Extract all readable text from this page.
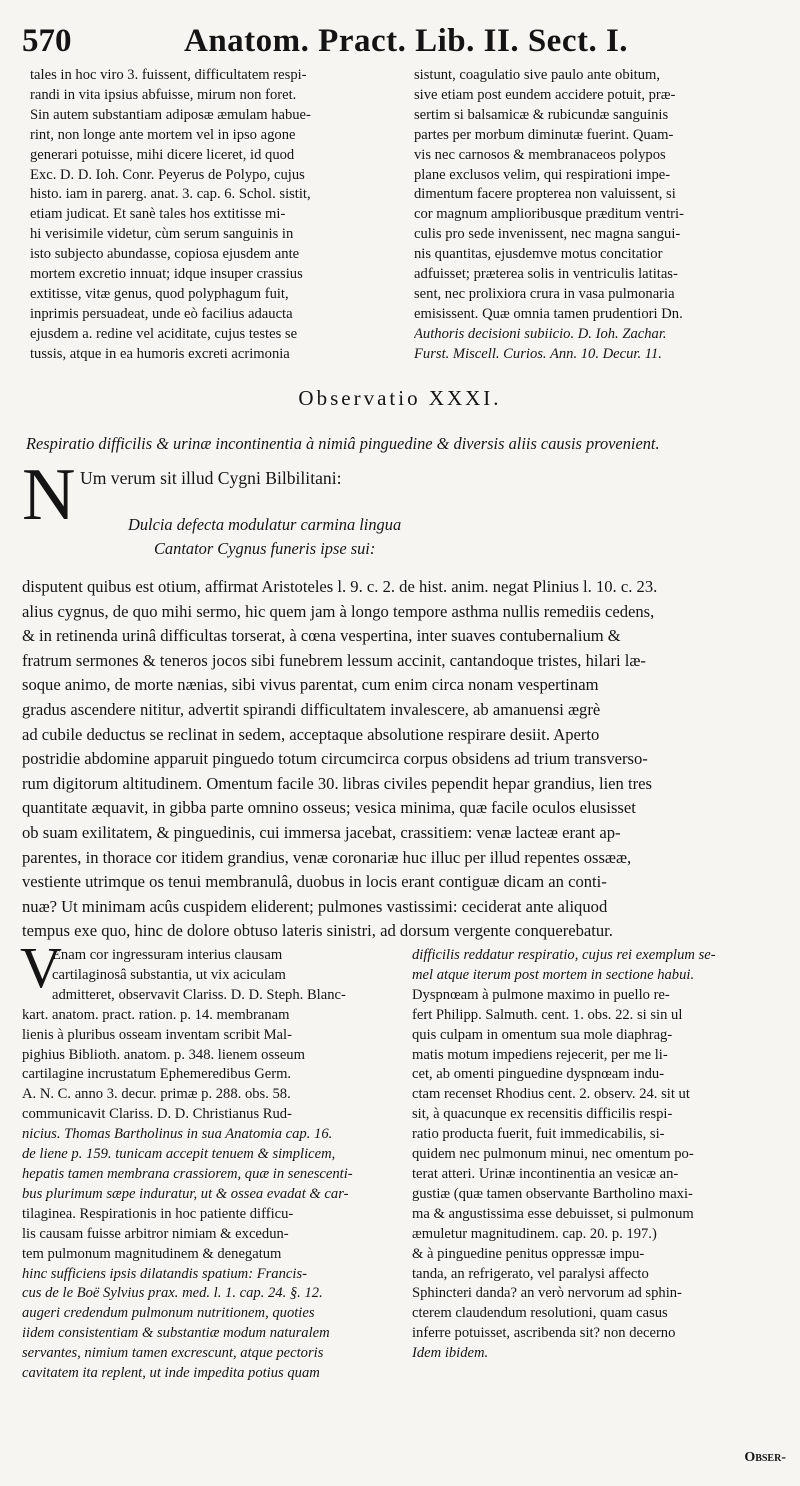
570	Anatom. Pract. Lib. II. Sect. I.
tales in hoc viro 3. fuissent, difficultatem respi-
randi in vita ipsius abfuisse, mirum non foret.
Sin autem substantiam adiposæ æmulam habue-
rint, non longe ante mortem vel in ipso agone
generari potuisse, mihi dicere liceret, id quod
Exc. D. D. Ioh. Conr. Peyerus de Polypo, cujus
histo. iam in parerg. anat. 3. cap. 6. Schol. sistit,
etiam judicat. Et sanè tales hos extitisse mi-
hi verisimile videtur, cùm serum sanguinis in
isto subjecto abundasse, copiosa ejusdem ante
mortem excretio innuat; idque insuper crassius
extitisse, vitæ genus, quod polyphagum fuit,
inprimis persuadeat, unde eò facilius adaucta
ejusdem a. redine vel aciditate, cujus testes se
tussis, atque in ea humoris excreti acrimonia
sistunt, coagulatio sive paulo ante obitum,
sive etiam post eundem accidere potuit, præ-
sertim si balsamicæ & rubicundæ sanguinis
partes per morbum diminutæ fuerint. Quam-
vis nec carnosos & membranaceos polypos
plane exclusos velim, qui respirationi impe-
dimentum facere propterea non valuissent, si
cor magnum amplioribusque præditum ventri-
culis pro sede invenissent, nec magna sangui-
nis quantitas, ejusdemve motus concitatior
adfuisset; præterea solis in ventriculis latitas-
sent, nec prolixiora crura in vasa pulmonaria
emisissent. Quæ omnia tamen prudentiori Dn.
Authoris decisioni subiicio. D. Ioh. Zachar.
Furst. Miscell. Curios. Ann. 10. Decur. 11.
Observatio XXXI.
Respiratio difficilis & urinæ incontinentia à nimiâ pinguedine & diversis aliis causis provenient.
N Um verum sit illud Cygni Bilbilitani:
Dulcia defecta modulatur carmina lingua
Cantator Cygnus funeris ipse sui:
disputent quibus est otium, affirmat Aristoteles l. 9. c. 2. de hist. anim. negat Plinius l. 10. c. 23.
alius cygnus, de quo mihi sermo, hic quem jam à longo tempore asthma nullis remediis cedens,
& in retinenda urinâ difficultas torserat, à cœna vespertina, inter suaves contubernalium &
fratrum sermones & teneros jocos sibi funebrem lessum accinit, cantandoque tristes, hilari læ-
soque animo, de morte nænias, sibi vivus parentat, cum enim circa nonam vespertinam
gradus ascendere nititur, advertit spirandi difficultatem invalescere, ab amanuensi ægrè
ad cubile deductus se reclinat in sedem, acceptaque absolutione respirare desiit. Aperto
postridie abdomine apparuit pinguedo totum circumcirca corpus obsidens ad trium transverso-
rum digitorum altitudinem. Omentum facile 30. libras civiles pependit hepar grandius, lien tres
quantitate æquavit, in gibba parte omnino osseus; vesica minima, quæ facile oculos elusisset
ob suam exilitatem, & pinguedinis, cui immersa jacebat, crassitiem: venæ lacteæ erant ap-
parentes, in thorace cor itidem grandius, venæ coronariæ huc illuc per illud repentes ossææ,
vestiente utrimque os tenui membranulâ, duobus in locis erant contiguæ dicam an conti-
nuæ? Ut minimam acûs cuspidem eliderent; pulmones vastissimi: ceciderat ante aliquod
tempus exe quo, hinc de dolore obtuso lateris sinistri, ad dorsum vergente conquerebatur.
V
Enam cor ingressuram interius clausam
cartilaginosâ substantia, ut vix aciculam
admitteret, observavit Clariss. D. D. Steph. Blanc-
kart. anatom. pract. ration. p. 14. membranam
lienis à pluribus osseam inventam scribit Mal-
pighius Biblioth. anatom. p. 348. lienem osseum
cartilagine incrustatum Ephemeredibus Germ.
A. N. C. anno 3. decur. primæ p. 288. obs. 58.
communicavit Clariss. D. D. Christianus Rud-
nicius. Thomas Bartholinus in sua Anatomia cap. 16.
de liene p. 159. tunicam accepit tenuem & simplicem,
hepatis tamen membrana crassiorem, quæ in senescenti-
bus plurimum sæpe induratur, ut & ossea evadat & car-
tilaginea. Respirationis in hoc patiente difficu-
lis causam fuisse arbitror nimiam & excedun-
tem pulmonum magnitudinem & denegatum
hinc sufficiens ipsis dilatandis spatium: Francis-
cus de le Boë Sylvius prax. med. l. 1. cap. 24. §. 12.
augeri credendum pulmonum nutritionem, quoties
iidem consistentiam & substantiæ modum naturalem
servantes, nimium tamen excrescunt, atque pectoris
cavitatem ita replent, ut inde impedita potius quam
difficilis reddatur respiratio, cujus rei exemplum se-
mel atque iterum post mortem in sectione habui.
Dyspnœam à pulmone maximo in puello re-
fert Philipp. Salmuth. cent. 1. obs. 22. si sin ul
quis culpam in omentum sua mole diaphrag-
matis motum impediens rejecerit, per me li-
cet, ab omenti pinguedine dyspnœam indu-
ctam recenset Rhodius cent. 2. observ. 24. sit ut
sit, à quacunque ex recensitis difficilis respi-
ratio producta fuerit, fuit immedicabilis, si-
quidem nec pulmonum minui, nec omentum po-
terat atteri. Urinæ incontinentia an vesicæ an-
gustiæ (quæ tamen observante Bartholino maxi-
ma & angustissima esse debuisset, si pulmonum
æmuletur magnitudinem. cap. 20. p. 197.)
& à pinguedine penitus oppressæ impu-
tanda, an refrigerato, vel paralysi affecto
Sphincteri danda? an verò nervorum ad sphin-
cterem claudendum resolutioni, quam casus
inferre potuisset, ascribenda sit? non decerno
Idem ibidem.
Obser-
